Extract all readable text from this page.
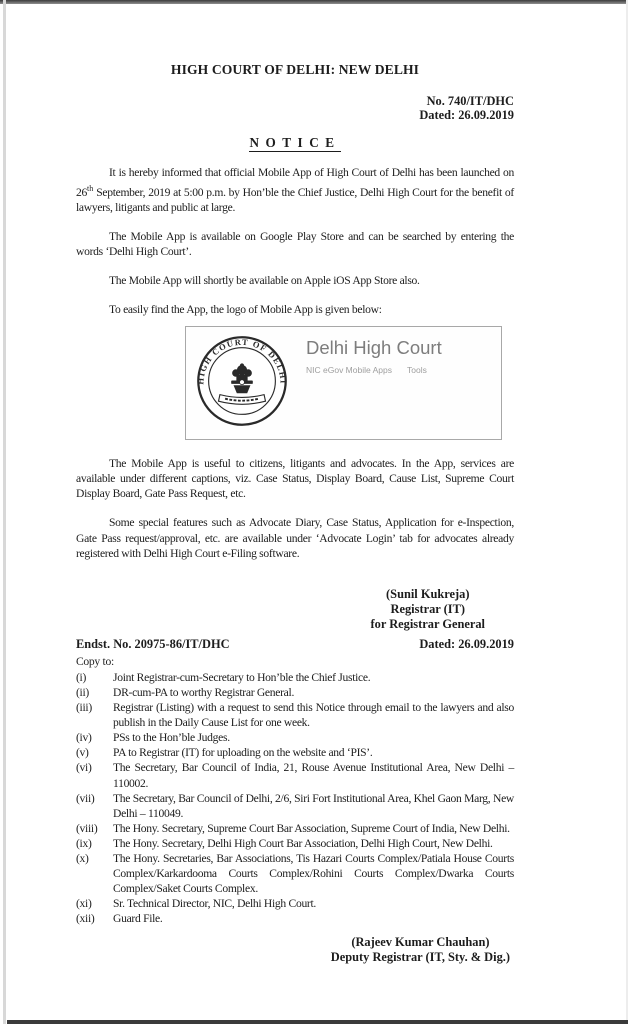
HIGH COURT OF DELHI: NEW DELHI
No. 740/IT/DHC
Dated: 26.09.2019
NOTICE

It is hereby informed that official Mobile App of High Court of Delhi has been launched on 26th September, 2019 at 5:00 p.m. by Hon’ble the Chief Justice, Delhi High Court for the benefit of lawyers, litigants and public at large.

The Mobile App is available on Google Play Store and can be searched by entering the words ‘Delhi High Court’.

The Mobile App will shortly be available on Apple iOS App Store also.

To easily find the App, the logo of Mobile App is given below:

HIGH COURT OF DELHI
Delhi High Court
NIC eGov Mobile Apps Tools

The Mobile App is useful to citizens, litigants and advocates. In the App, services are available under different captions, viz. Case Status, Display Board, Cause List, Supreme Court Display Board, Gate Pass Request, etc.

Some special features such as Advocate Diary, Case Status, Application for e-Inspection, Gate Pass request/approval, etc. are available under ‘Advocate Login’ tab for advocates already registered with Delhi High Court e-Filing software.

(Sunil Kukreja)
Registrar (IT)
for Registrar General
Endst. No. 20975-86/IT/DHC	Dated: 26.09.2019
Copy to:
(i)	Joint Registrar-cum-Secretary to Hon’ble the Chief Justice.
(ii)	DR-cum-PA to worthy Registrar General.
(iii)	Registrar (Listing) with a request to send this Notice through email to the lawyers and also publish in the Daily Cause List for one week.
(iv)	PSs to the Hon’ble Judges.
(v)	PA to Registrar (IT) for uploading on the website and ‘PIS’.
(vi)	The Secretary, Bar Council of India, 21, Rouse Avenue Institutional Area, New Delhi – 110002.
(vii)	The Secretary, Bar Council of Delhi, 2/6, Siri Fort Institutional Area, Khel Gaon Marg, New Delhi – 110049.
(viii)	The Hony. Secretary, Supreme Court Bar Association, Supreme Court of India, New Delhi.
(ix)	The Hony. Secretary, Delhi High Court Bar Association, Delhi High Court, New Delhi.
(x)	The Hony. Secretaries, Bar Associations, Tis Hazari Courts Complex/Patiala House Courts Complex/Karkardooma Courts Complex/Rohini Courts Complex/Dwarka Courts Complex/Saket Courts Complex.
(xi)	Sr. Technical Director, NIC, Delhi High Court.
(xii)	Guard File.
(Rajeev Kumar Chauhan)
Deputy Registrar (IT, Sty. & Dig.)
